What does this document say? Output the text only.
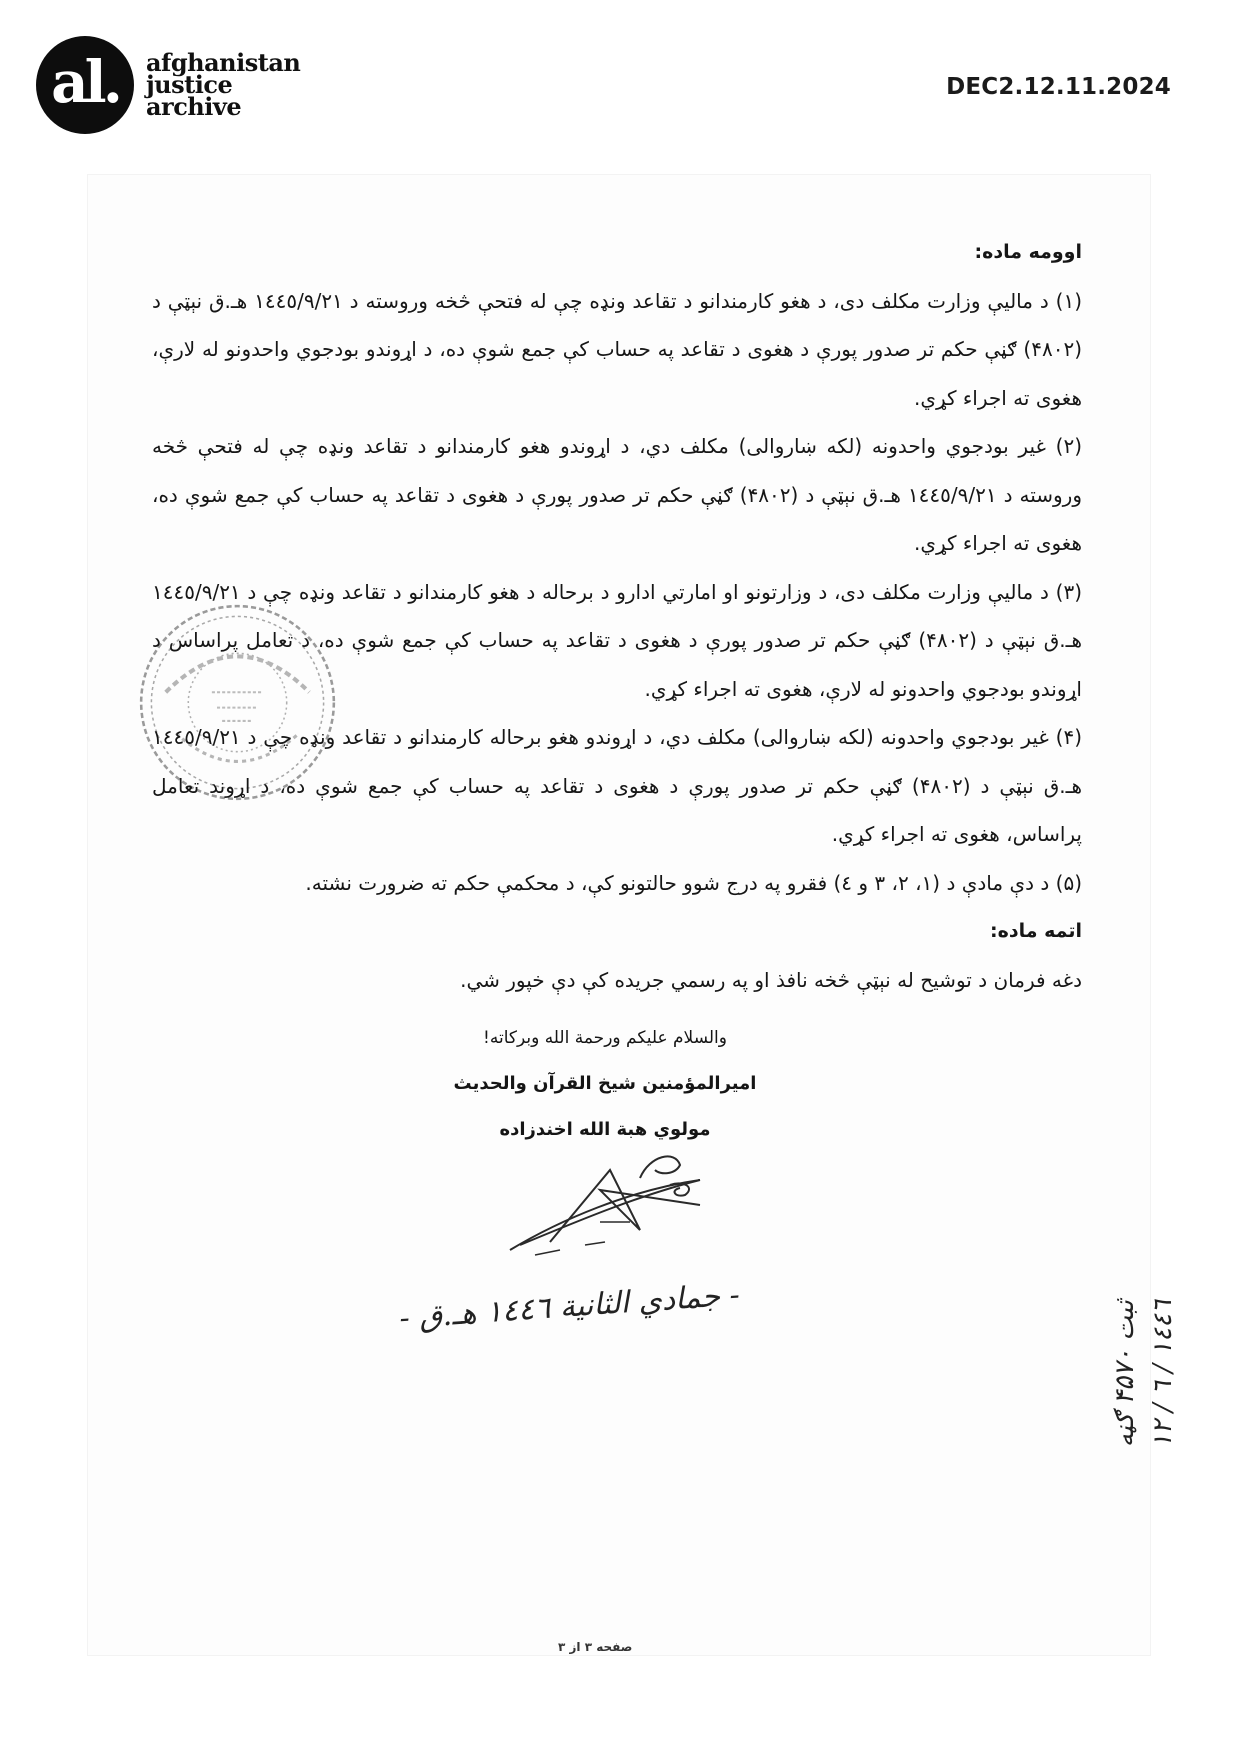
al. afghanistan
justice
archive
DEC2.12.11.2024

اوومه ماده:

(١) د مالیې وزارت مکلف دی، د هغو کارمندانو د تقاعد ونډه چې له فتحې څخه وروسته د ١٤٤٥/٩/٢١ هـ.ق نېټې د (۴٨٠٢) ګڼې حکم تر صدور پورې د هغوی د تقاعد په حساب کې جمع شوې ده، د اړوندو بودجوي واحدونو له لارې، هغوی ته اجراء کړي.

(٢) غیر بودجوي واحدونه (لکه ښاروالی) مکلف دي، د اړوندو هغو کارمندانو د تقاعد ونډه چې له فتحې څخه وروسته د ١٤٤٥/٩/٢١ هـ.ق نېټې د (۴٨٠٢) ګڼې حکم تر صدور پورې د هغوی د تقاعد په حساب کې جمع شوې ده، هغوی ته اجراء کړي.

(٣) د مالیې وزارت مکلف دی، د وزارتونو او امارتي ادارو د برحاله د هغو کارمندانو د تقاعد ونډه چې د ١٤٤٥/٩/٢١ هـ.ق نېټې د (۴٨٠٢) ګڼې حکم تر صدور پورې د هغوی د تقاعد په حساب کې جمع شوې ده، د تعامل پراساس د اړوندو بودجوي واحدونو له لارې، هغوی ته اجراء کړي.

(۴) غیر بودجوي واحدونه (لکه ښاروالی) مکلف دي، د اړوندو هغو برحاله کارمندانو د تقاعد ونډه چې د ١٤٤٥/٩/٢١ هـ.ق نېټې د (۴٨٠٢) ګڼې حکم تر صدور پورې د هغوی د تقاعد په حساب کې جمع شوې ده، د اړوند تعامل پراساس، هغوی ته اجراء کړي.

(۵) د دې مادې د (١، ٢، ٣ و ٤) فقرو په درج شوو حالتونو کې، د محکمې حکم ته ضرورت نشته.

اتمه ماده:

دغه فرمان د توشیح له نېټې څخه نافذ او په رسمي جریده کې دې خپور شي.

والسلام علیکم ورحمة الله وبرکاته!
امیرالمؤمنین شیخ القرآن والحدیث
مولوي هبة الله اخندزاده
- جمادي الثانية ١٤٤٦ هـ.ق -
ثبت ۴۵٧٠ ګڼه
١٤٤٦ / ٦ / ١٢
صفحه ٣ از ٣
